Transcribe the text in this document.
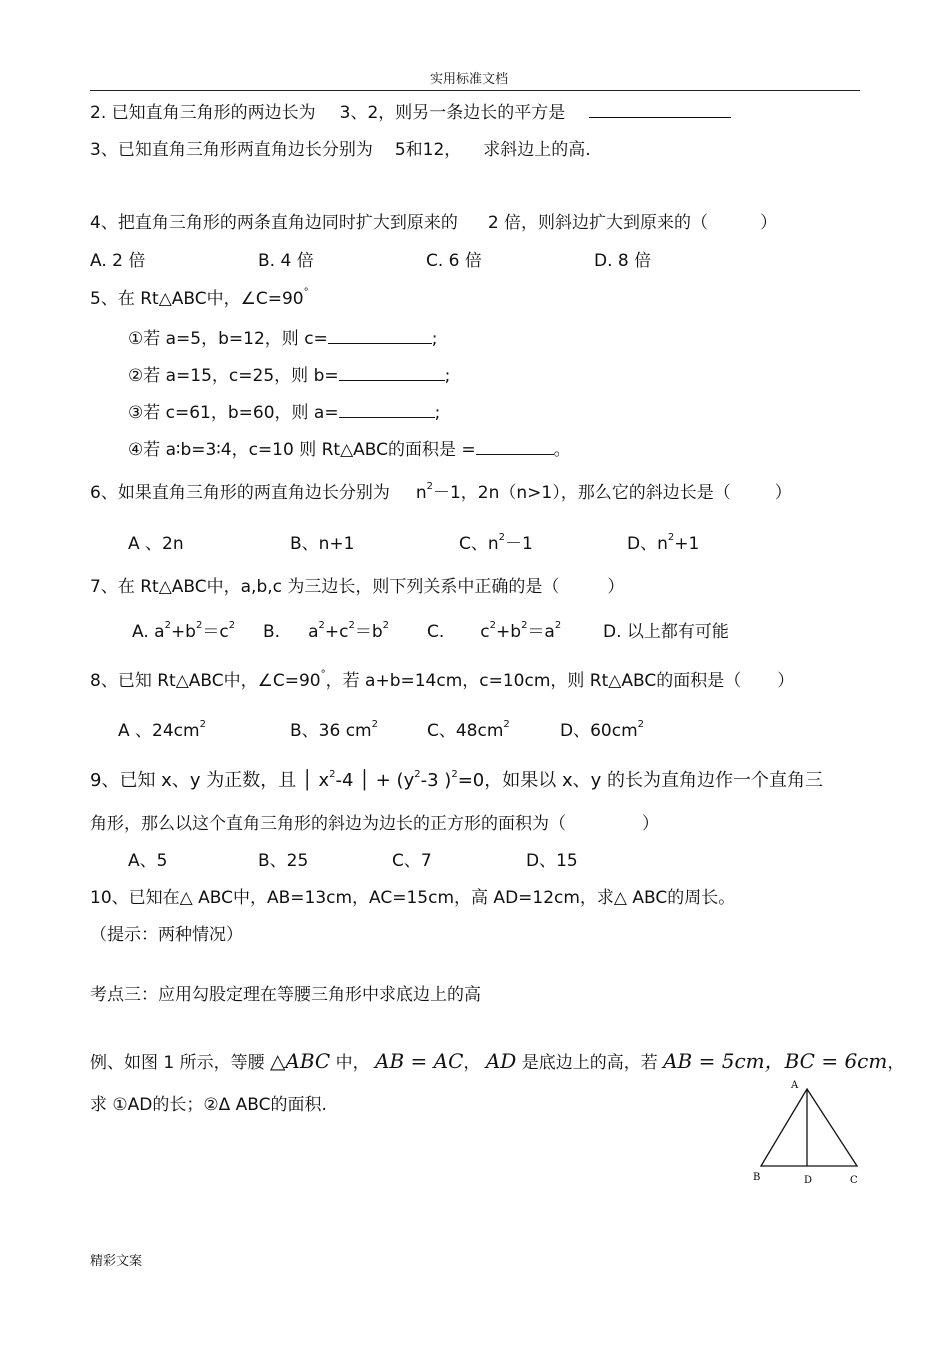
实用标准文档
2. 已知直角三角形的两边长为 3、2，则另一条边长的平方是
3、已知直角三角形两直角边长分别为 5和12， 求斜边上的高.
4、把直角三角形的两条直角边同时扩大到原来的 2 倍，则斜边扩大到原来的（	）
A. 2 倍	B. 4 倍	C. 6 倍	D. 8 倍
5、在 Rt△ABC中，∠C=90°
①若 a=5，b=12，则 c=	;
②若 a=15，c=25，则 b=	;
③若 c=61，b=60，则 a=	;
④若 a∶b=3∶4，c=10 则 Rt△ABC的面积是 =	。
6、如果直角三角形的两直角边长分别为 $n^2-1$，2n（n>1），那么它的斜边长是（	）
A 、2n	B、n+1	C、$n^2-1$	D、$n^2+1$
7、在 Rt△ABC中，a,b,c 为三边长，则下列关系中正确的是（	）
A. $a^2+b^2=c^2$ B. $a^2+c^2=b^2$ C. $c^2+b^2=a^2$ D. 以上都有可能
8、已知 Rt△ABC中，∠C=90°，若 a+b=14cm，c=10cm，则 Rt△ABC的面积是（ ）
A 、$24cm^2$	B、36 $cm^2$	C、$48cm^2$	D、$60cm^2$
9、已知 x、y 为正数，且 │ $x^2-4$ │ + ($y^2-3$ )$^2$=0，如果以 x、y 的长为直角边作一个直角三
角形，那么以这个直角三角形的斜边为边长的正方形的面积为（	）
A、5	B、25	C、7	D、15
10、已知在△ ABC中，AB=13cm，AC=15cm，高 AD=12cm，求△ ABC的周长。
（提示：两种情况）
考点三：应用勾股定理在等腰三角形中求底边上的高
例、如图 1 所示，等腰 △ABC 中， AB = AC， AD 是底边上的高，若 AB = 5cm，BC = 6cm，
求 ①AD的长；②Δ ABC的面积.
A
B	D	C
精彩文案
